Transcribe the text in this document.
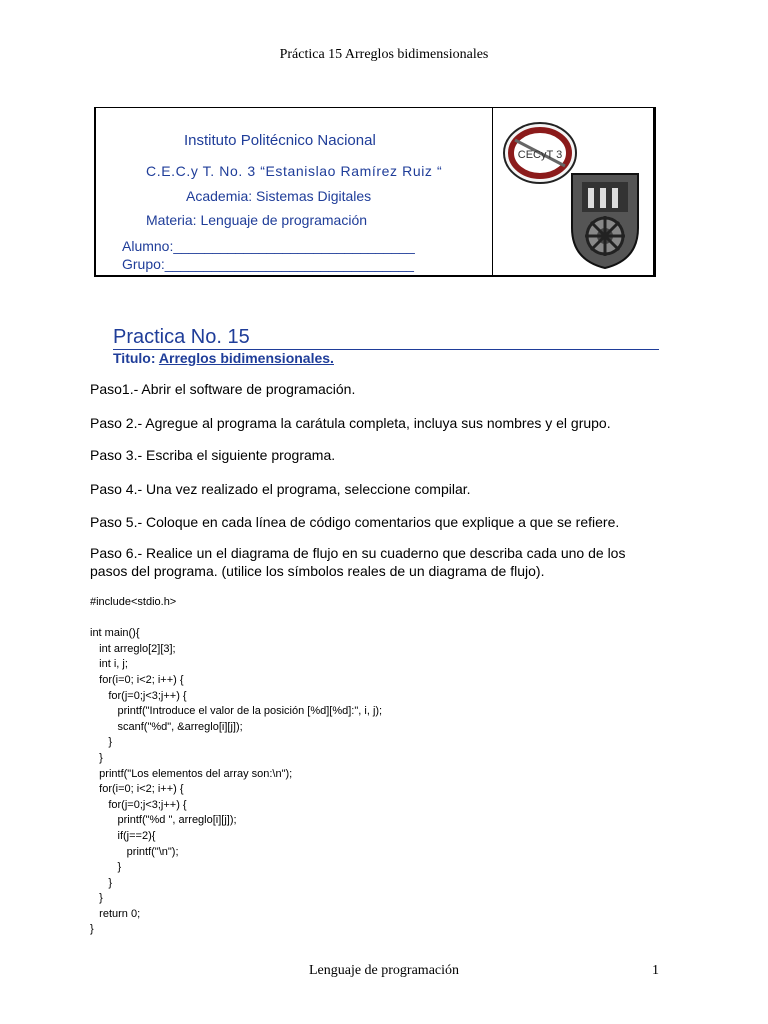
Práctica 15 Arreglos bidimensionales
Instituto Politécnico Nacional
C.E.C.y T. No. 3 “Estanislao Ramírez Ruiz “
Academia: Sistemas Digitales
Materia: Lenguaje de programación
Alumno:_______________________________
Grupo:________________________________
CECyT 3
Practica No. 15
Titulo: Arreglos bidimensionales.
Paso1.- Abrir el software de programación.
Paso 2.- Agregue al programa la carátula completa, incluya sus nombres y el grupo.
Paso 3.- Escriba el siguiente programa.
Paso 4.- Una vez realizado el programa, seleccione compilar.
Paso 5.- Coloque en cada línea de código comentarios que explique a que se refiere.
Paso 6.- Realice un el diagrama de flujo en su cuaderno que describa cada uno de los pasos del programa. (utilice los símbolos reales de un diagrama de flujo).
#include<stdio.h>
int main(){
int arreglo[2][3];
int i, j;
for(i=0; i<2; i++) {
for(j=0;j<3;j++) {
printf("Introduce el valor de la posición [%d][%d]:", i, j);
scanf("%d", &arreglo[i][j]);
}
}
printf("Los elementos del array son:\n");
for(i=0; i<2; i++) {
for(j=0;j<3;j++) {
printf("%d ", arreglo[i][j]);
if(j==2){
printf("\n");
}
}
}
return 0;
}
Lenguaje de programación	1
